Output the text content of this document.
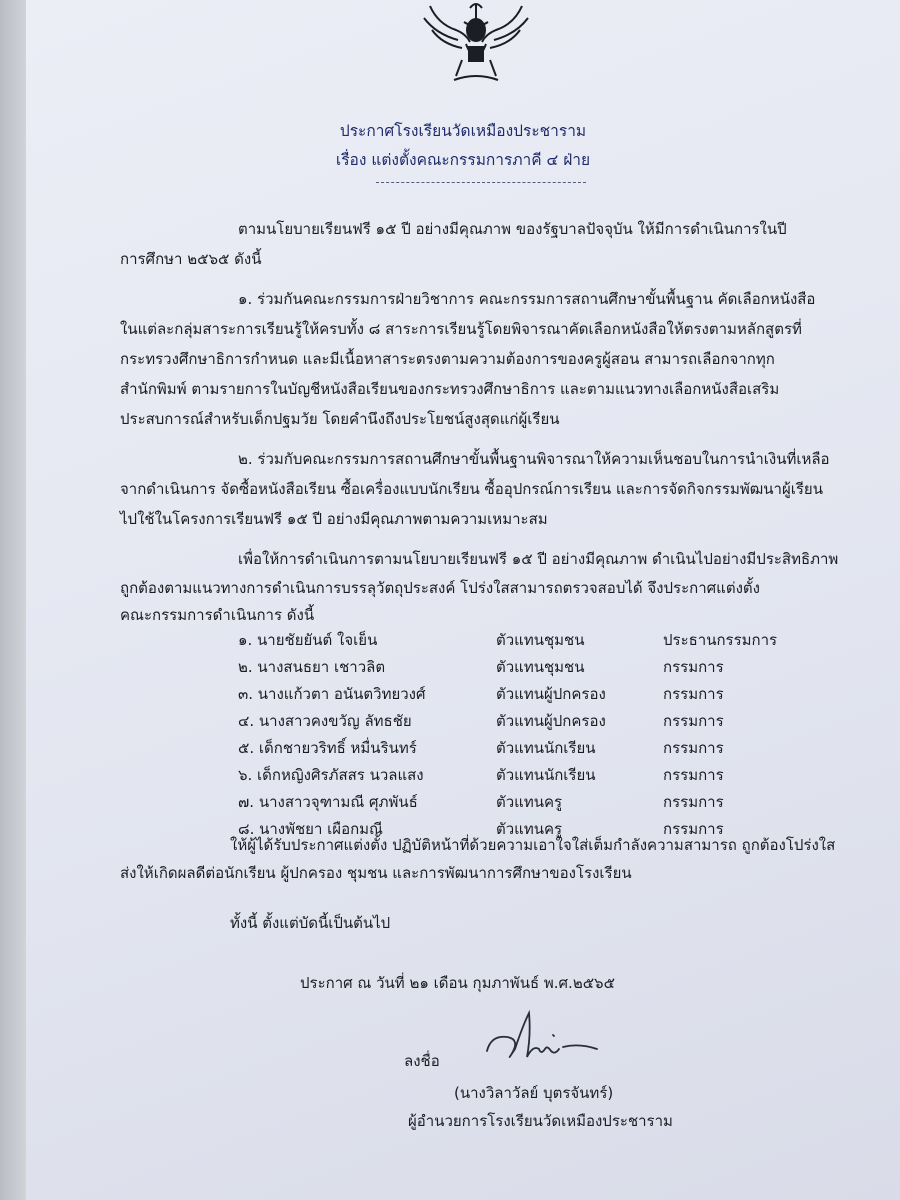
ประกาศโรงเรียนวัดเหมืองประชาราม
เรื่อง แต่งตั้งคณะกรรมการภาคี ๔ ฝ่าย
ตามนโยบายเรียนฟรี ๑๕ ปี อย่างมีคุณภาพ ของรัฐบาลปัจจุบัน ให้มีการดำเนินการในปี
การศึกษา ๒๕๖๕ ดังนี้
๑. ร่วมกันคณะกรรมการฝ่ายวิชาการ คณะกรรมการสถานศึกษาขั้นพื้นฐาน คัดเลือกหนังสือ
ในแต่ละกลุ่มสาระการเรียนรู้ให้ครบทั้ง ๘ สาระการเรียนรู้โดยพิจารณาคัดเลือกหนังสือให้ตรงตามหลักสูตรที่
กระทรวงศึกษาธิการกำหนด และมีเนื้อหาสาระตรงตามความต้องการของครูผู้สอน สามารถเลือกจากทุก
สำนักพิมพ์ ตามรายการในบัญชีหนังสือเรียนของกระทรวงศึกษาธิการ และตามแนวทางเลือกหนังสือเสริม
ประสบการณ์สำหรับเด็กปฐมวัย โดยคำนึงถึงประโยชน์สูงสุดแก่ผู้เรียน
๒. ร่วมกับคณะกรรมการสถานศึกษาขั้นพื้นฐานพิจารณาให้ความเห็นชอบในการนำเงินที่เหลือ
จากดำเนินการ จัดซื้อหนังสือเรียน ซื้อเครื่องแบบนักเรียน ซื้ออุปกรณ์การเรียน และการจัดกิจกรรมพัฒนาผู้เรียน
ไปใช้ในโครงการเรียนฟรี ๑๕ ปี อย่างมีคุณภาพตามความเหมาะสม
เพื่อให้การดำเนินการตามนโยบายเรียนฟรี ๑๕ ปี อย่างมีคุณภาพ ดำเนินไปอย่างมีประสิทธิภาพ
ถูกต้องตามแนวทางการดำเนินการบรรลุวัตถุประสงค์ โปร่งใสสามารถตรวจสอบได้ จึงประกาศแต่งตั้ง
คณะกรรมการดำเนินการ ดังนี้
๑. นายชัยยันต์ ใจเย็น	ตัวแทนชุมชน	ประธานกรรมการ
๒. นางสนธยา เชาวลิต	ตัวแทนชุมชน	กรรมการ
๓. นางแก้วตา อนันตวิทยวงศ์	ตัวแทนผู้ปกครอง	กรรมการ
๔. นางสาวคงขวัญ ลัทธชัย	ตัวแทนผู้ปกครอง	กรรมการ
๕. เด็กชายวริทธิ์ หมื่นรินทร์	ตัวแทนนักเรียน	กรรมการ
๖. เด็กหญิงศิรภัสสร นวลแสง	ตัวแทนนักเรียน	กรรมการ
๗. นางสาวจุฑามณี ศุภพันธ์	ตัวแทนครู	กรรมการ
๘. นางพัชยา เผือกมณี	ตัวแทนครู	กรรมการ
ให้ผู้ได้รับประกาศแต่งตั้ง ปฏิบัติหน้าที่ด้วยความเอาใจใส่เต็มกำลังความสามารถ ถูกต้องโปร่งใส
ส่งให้เกิดผลดีต่อนักเรียน ผู้ปกครอง ชุมชน และการพัฒนาการศึกษาของโรงเรียน
ทั้งนี้ ตั้งแต่บัดนี้เป็นต้นไป
ประกาศ ณ วันที่ ๒๑ เดือน กุมภาพันธ์ พ.ศ.๒๕๖๕
ลงชื่อ
(นางวิลาวัลย์ บุตรจันทร์)
ผู้อำนวยการโรงเรียนวัดเหมืองประชาราม
